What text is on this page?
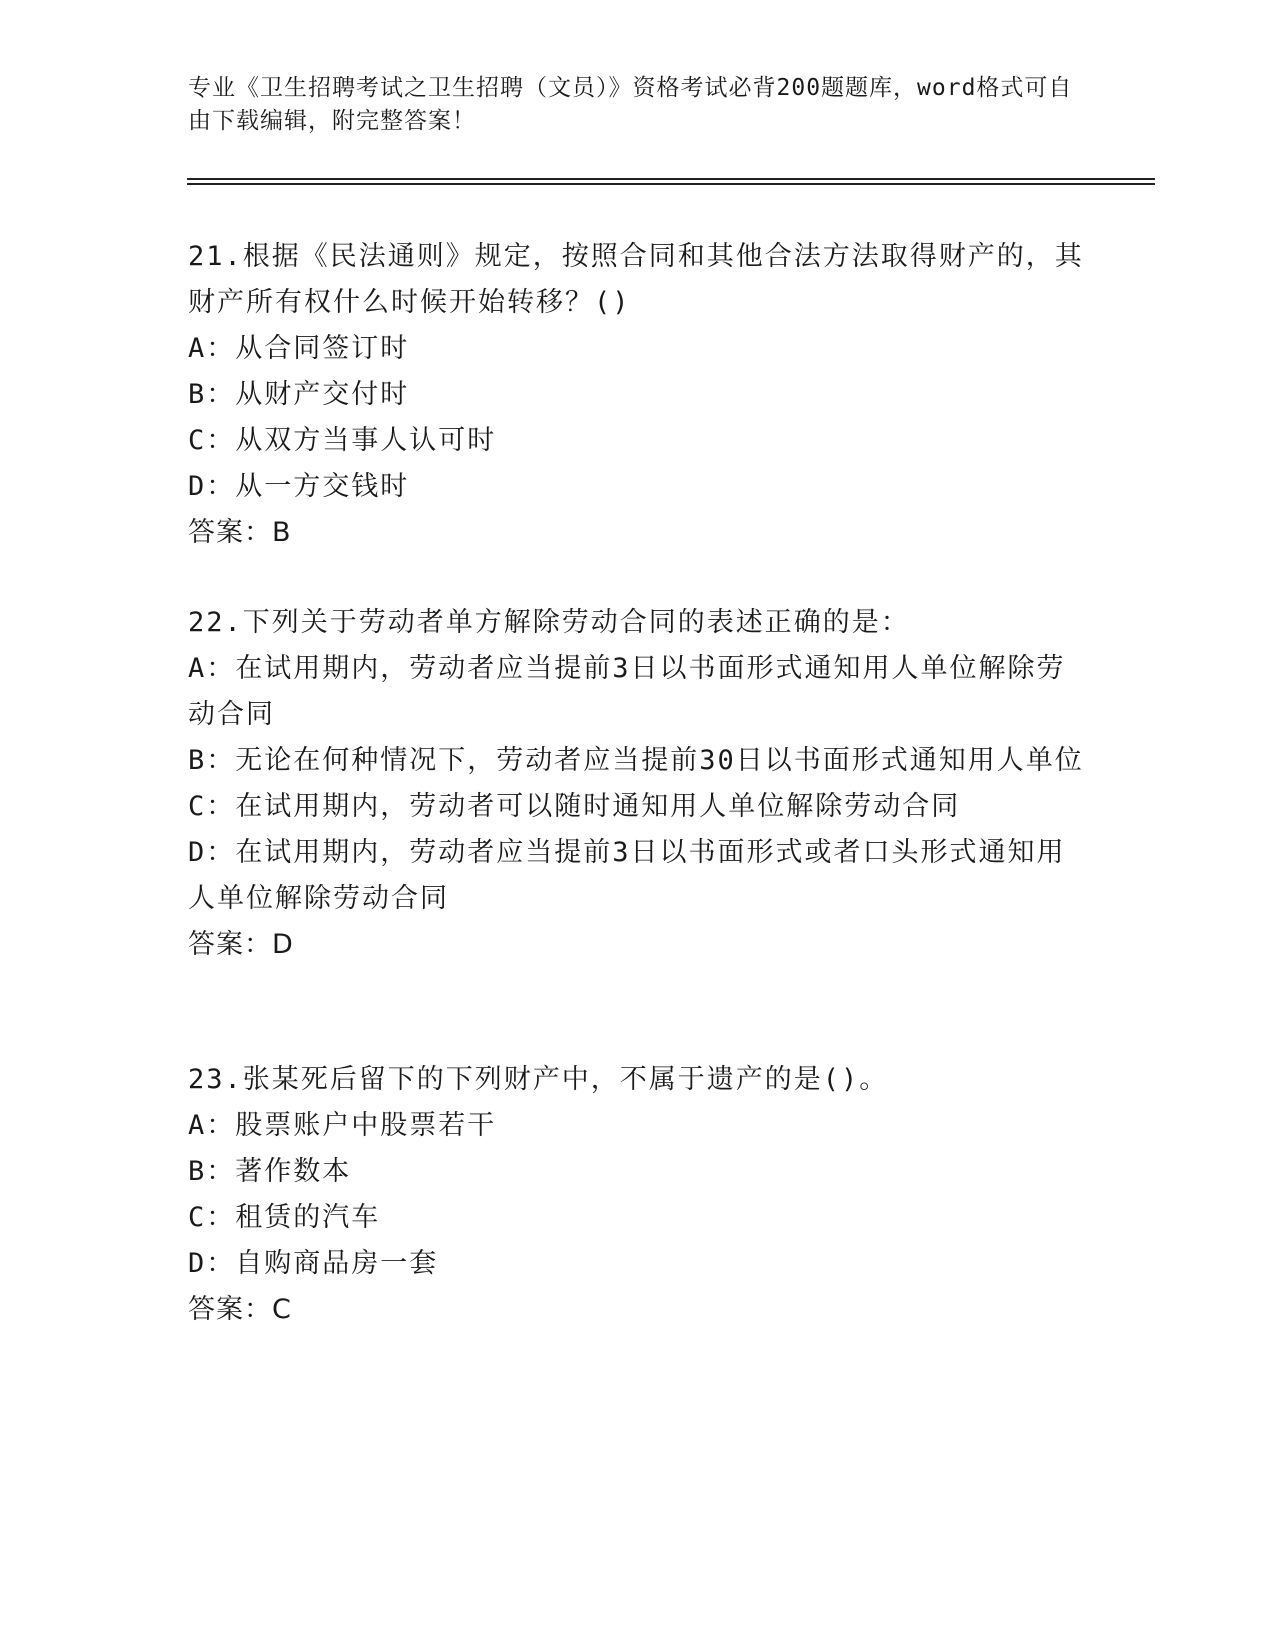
专业《卫生招聘考试之卫生招聘（文员）》资格考试必背200题题库，word格式可自由下载编辑，附完整答案！
21.根据《民法通则》规定，按照合同和其他合法方法取得财产的，其财产所有权什么时候开始转移？()
A：从合同签订时
B：从财产交付时
C：从双方当事人认可时
D：从一方交钱时
答案：B
22.下列关于劳动者单方解除劳动合同的表述正确的是：
A：在试用期内，劳动者应当提前3日以书面形式通知用人单位解除劳动合同
B：无论在何种情况下，劳动者应当提前30日以书面形式通知用人单位
C：在试用期内，劳动者可以随时通知用人单位解除劳动合同
D：在试用期内，劳动者应当提前3日以书面形式或者口头形式通知用人单位解除劳动合同
答案：D
23.张某死后留下的下列财产中，不属于遗产的是()。
A：股票账户中股票若干
B：著作数本
C：租赁的汽车
D：自购商品房一套
答案：C
